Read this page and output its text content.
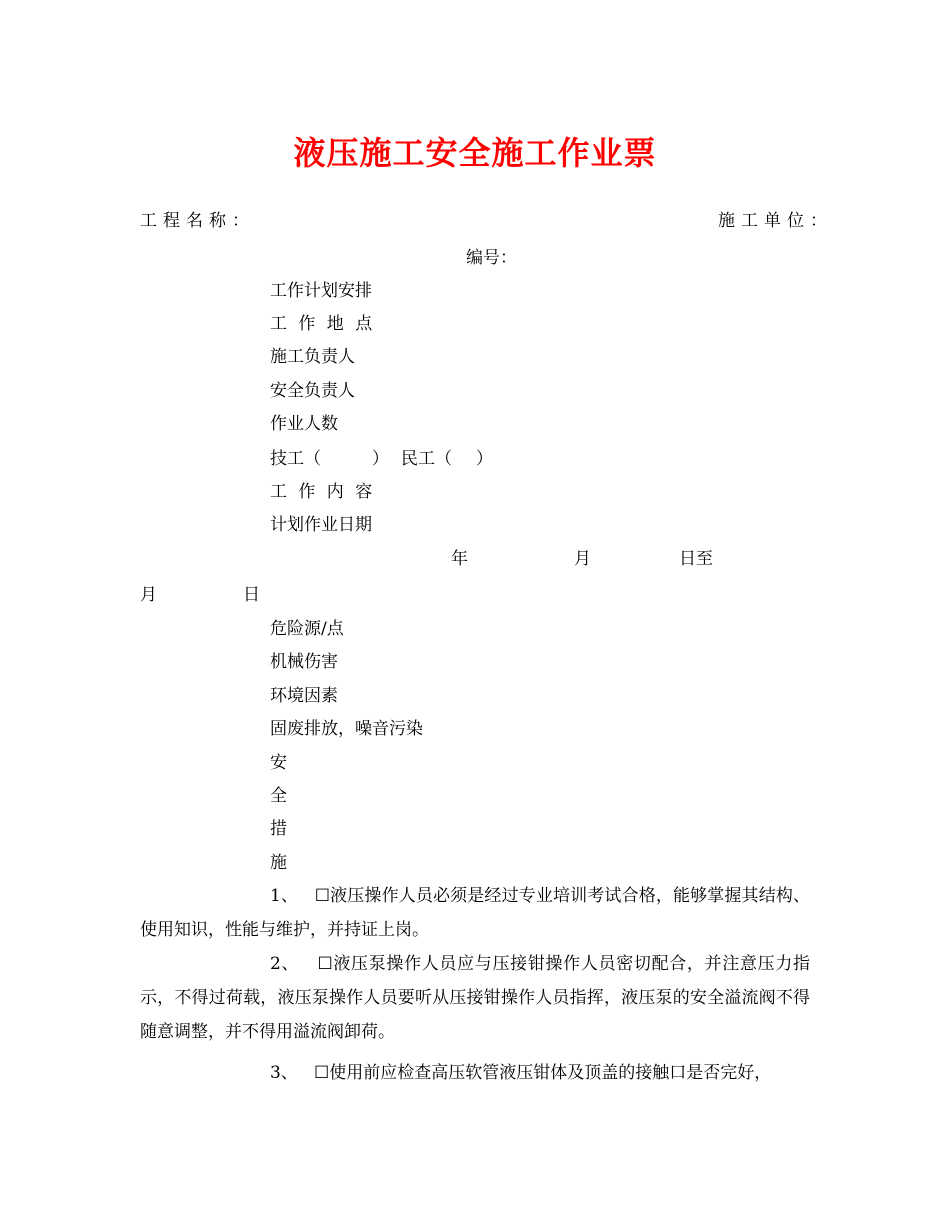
液压施工安全施工作业票
工程名称：	施工单位：
编号：
工作计划安排
工 作 地 点
施工负责人
安全负责人
作业人数
技工（	） 民工（ ）
工 作 内 容
计划作业日期
年	月	日至
月	日
危险源/点
机械伤害
环境因素
固废排放，噪音污染
安
全
措
施
1、 ☐液压操作人员必须是经过专业培训考试合格，能够掌握其结构、使用知识，性能与维护，并持证上岗。
2、 ☐液压泵操作人员应与压接钳操作人员密切配合，并注意压力指示，不得过荷载，液压泵操作人员要听从压接钳操作人员指挥，液压泵的安全溢流阀不得随意调整，并不得用溢流阀卸荷。
3、 ☐使用前应检查高压软管液压钳体及顶盖的接触口是否完好，
